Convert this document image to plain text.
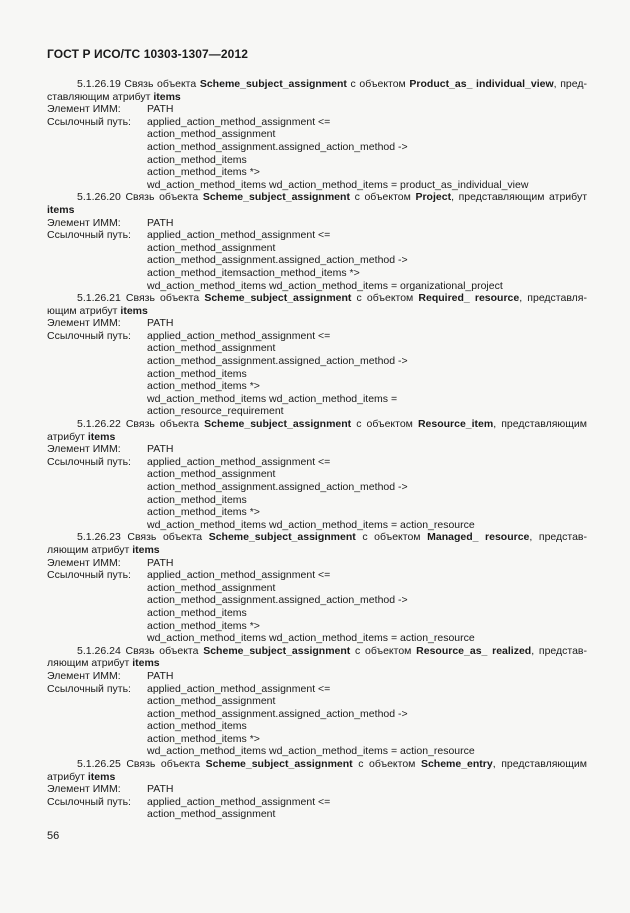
ГОСТ Р ИСО/ТС 10303-1307—2012
5.1.26.19 Связь объекта Scheme_subject_assignment с объектом Product_as_ individual_view, пред-ставляющим атрибут items
Элемент ИММ:	PATH
Ссылочный путь:	applied_action_method_assignment <=
action_method_assignment
action_method_assignment.assigned_action_method ->
action_method_items
action_method_items *>
wd_action_method_items wd_action_method_items = product_as_individual_view
5.1.26.20 Связь объекта Scheme_subject_assignment с объектом Project, представляющим атрибут items
Элемент ИММ:	PATH
Ссылочный путь:	applied_action_method_assignment <=
action_method_assignment
action_method_assignment.assigned_action_method ->
action_method_itemsaction_method_items *>
wd_action_method_items wd_action_method_items = organizational_project
5.1.26.21 Связь объекта Scheme_subject_assignment с объектом Required_ resource, представля-ющим атрибут items
Элемент ИММ:	PATH
Ссылочный путь:	applied_action_method_assignment <=
action_method_assignment
action_method_assignment.assigned_action_method ->
action_method_items
action_method_items *>
wd_action_method_items wd_action_method_items =
action_resource_requirement
5.1.26.22 Связь объекта Scheme_subject_assignment с объектом Resource_item, представляющим атрибут items
Элемент ИММ:	PATH
Ссылочный путь:	applied_action_method_assignment <=
action_method_assignment
action_method_assignment.assigned_action_method ->
action_method_items
action_method_items *>
wd_action_method_items wd_action_method_items = action_resource
5.1.26.23 Связь объекта Scheme_subject_assignment с объектом Managed_ resource, представ-ляющим атрибут items
Элемент ИММ:	PATH
Ссылочный путь:	applied_action_method_assignment <=
action_method_assignment
action_method_assignment.assigned_action_method ->
action_method_items
action_method_items *>
wd_action_method_items wd_action_method_items = action_resource
5.1.26.24 Связь объекта Scheme_subject_assignment с объектом Resource_as_ realized, представ-ляющим атрибут items
Элемент ИММ:	PATH
Ссылочный путь:	applied_action_method_assignment <=
action_method_assignment
action_method_assignment.assigned_action_method ->
action_method_items
action_method_items *>
wd_action_method_items wd_action_method_items = action_resource
5.1.26.25 Связь объекта Scheme_subject_assignment с объектом Scheme_entry, представляющим атрибут items
Элемент ИММ:	PATH
Ссылочный путь:	applied_action_method_assignment <=
action_method_assignment
56
